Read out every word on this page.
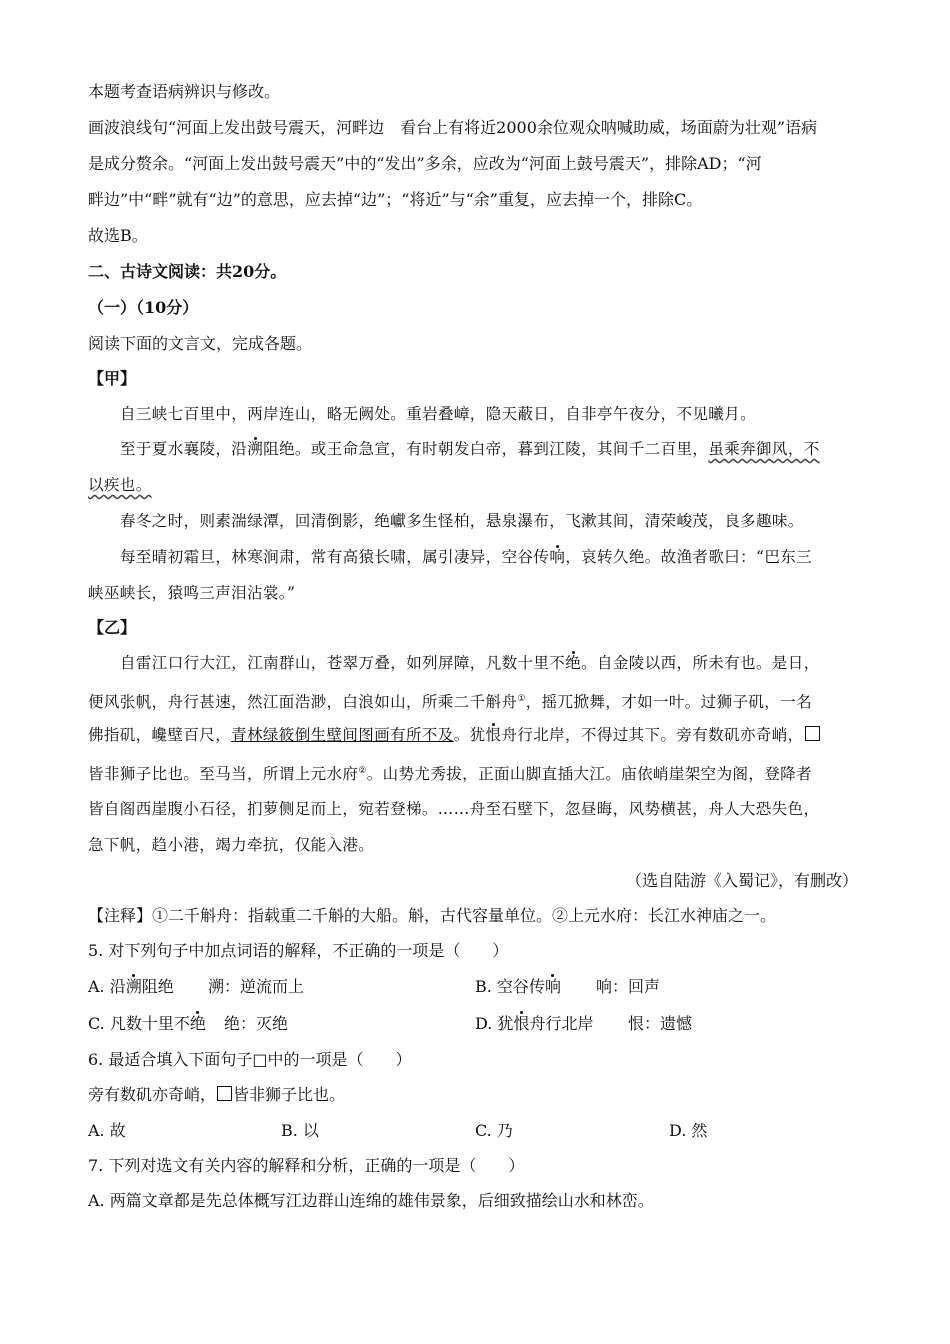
本题考查语病辨识与修改。
画波浪线句“河面上发出鼓号震天，河畔边　看台上有将近2000余位观众呐喊助威，场面蔚为壮观”语病
是成分赘余。“河面上发出鼓号震天”中的“发出”多余，应改为“河面上鼓号震天”，排除AD；“河
畔边”中“畔”就有“边”的意思，应去掉“边”；“将近”与“余”重复，应去掉一个，排除C。
故选B。
二、古诗文阅读：共20分。
（一）（10分）
阅读下面的文言文，完成各题。
【甲】
自三峡七百里中，两岸连山，略无阙处。重岩叠嶂，隐天蔽日，自非亭午夜分，不见曦月。
至于夏水襄陵，沿溯阻绝。或王命急宣，有时朝发白帝，暮到江陵，其间千二百里，虽乘奔御风，不
以疾也。
春冬之时，则素湍绿潭，回清倒影，绝巘多生怪柏，悬泉瀑布，飞漱其间，清荣峻茂，良多趣味。
每至晴初霜旦，林寒涧肃，常有高猿长啸，属引凄异，空谷传响，哀转久绝。故渔者歌曰：“巴东三
峡巫峡长，猿鸣三声泪沾裳。”
【乙】
自雷江口行大江，江南群山，苍翠万叠，如列屏障，凡数十里不绝。自金陵以西，所未有也。是日，
便风张帆，舟行甚速，然江面浩渺，白浪如山，所乘二千斛舟①，摇兀掀舞，才如一叶。过狮子矶，一名
佛指矶，巉壁百尺，青林绿筱倒生壁间图画有所不及。犹恨舟行北岸，不得过其下。旁有数矶亦奇峭，
皆非狮子比也。至马当，所谓上元水府②。山势尤秀拔，正面山脚直插大江。庙依峭崖架空为阁，登降者
皆自阁西崖腹小石径，扪萝侧足而上，宛若登梯。……舟至石壁下，忽昼晦，风势横甚，舟人大恐失色，
急下帆，趋小港，竭力牵抗，仅能入港。
（选自陆游《入蜀记》，有删改）
【注释】①二千斛舟：指载重二千斛的大船。斛，古代容量单位。②上元水府：长江水神庙之一。
5. 对下列句子中加点词语的解释，不正确的一项是（　　）
A. 沿溯阻绝 溯：逆流而上	B. 空谷传响 响：回声
C. 凡数十里不绝 绝：灭绝	D. 犹恨舟行北岸 恨：遗憾
6. 最适合填入下面句子□中的一项是（　　）
旁有数矶亦奇峭， 皆非狮子比也。
A. 故	B. 以	C. 乃	D. 然
7. 下列对选文有关内容的解释和分析，正确的一项是（　　）
A. 两篇文章都是先总体概写江边群山连绵的雄伟景象，后细致描绘山水和林峦。
